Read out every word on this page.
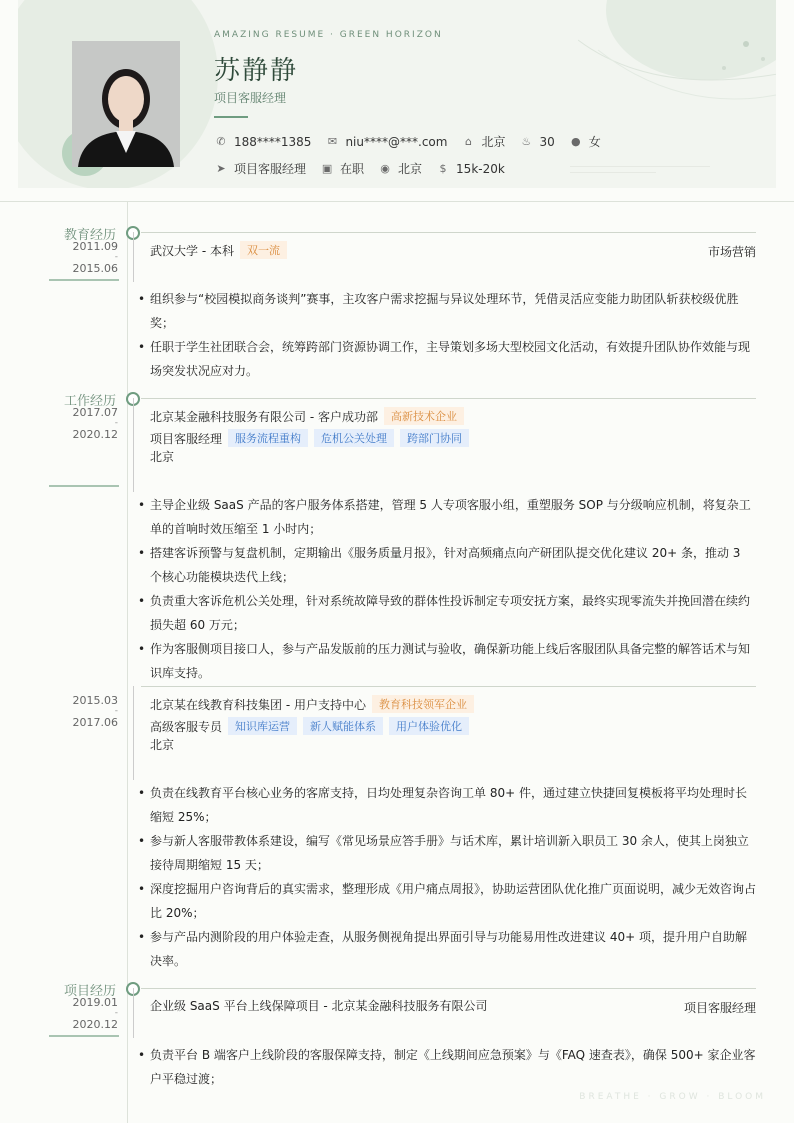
AMAZING RESUME · GREEN HORIZON
苏静静
项目客服经理
✆ 188****1385 ✉ niu****@***.com	⌂ 北京 ♨ 30 ● 女
➤ 项目客服经理 ▣ 在职 ◉ 北京	$ 15k-20k
教育经历
2011.09
-
2015.06
武汉大学 - 本科	双一流	市场营销
• 组织参与“校园模拟商务谈判”赛事，主攻客户需求挖掘与异议处理环节，凭借灵活应变能力助团队斩获校级优胜奖；
• 任职于学生社团联合会，统筹跨部门资源协调工作，主导策划多场大型校园文化活动，有效提升团队协作效能与现场突发状况应对力。
工作经历
2017.07
-
2020.12
北京某金融科技服务有限公司 - 客户成功部	高新技术企业
项目客服经理	服务流程重构	危机公关处理	跨部门协同
北京
• 主导企业级 SaaS 产品的客户服务体系搭建，管理 5 人专项客服小组，重塑服务 SOP 与分级响应机制，将复杂工单的首响时效压缩至 1 小时内；
• 搭建客诉预警与复盘机制，定期输出《服务质量月报》，针对高频痛点向产研团队提交优化建议 20+ 条，推动 3 个核心功能模块迭代上线；
• 负责重大客诉危机公关处理，针对系统故障导致的群体性投诉制定专项安抚方案，最终实现零流失并挽回潜在续约损失超 60 万元；
• 作为客服侧项目接口人，参与产品发版前的压力测试与验收，确保新功能上线后客服团队具备完整的解答话术与知识库支持。
2015.03
-
2017.06
北京某在线教育科技集团 - 用户支持中心	教育科技领军企业
高级客服专员	知识库运营	新人赋能体系	用户体验优化
北京
• 负责在线教育平台核心业务的客席支持，日均处理复杂咨询工单 80+ 件，通过建立快捷回复模板将平均处理时长缩短 25%；
• 参与新人客服带教体系建设，编写《常见场景应答手册》与话术库，累计培训新入职员工 30 余人，使其上岗独立接待周期缩短 15 天；
• 深度挖掘用户咨询背后的真实需求，整理形成《用户痛点周报》，协助运营团队优化推广页面说明，减少无效咨询占比 20%；
• 参与产品内测阶段的用户体验走查，从服务侧视角提出界面引导与功能易用性改进建议 40+ 项，提升用户自助解决率。
项目经历
2019.01
-
2020.12
企业级 SaaS 平台上线保障项目 - 北京某金融科技服务有限公司	项目客服经理
• 负责平台 B 端客户上线阶段的客服保障支持，制定《上线期间应急预案》与《FAQ 速查表》，确保 500+ 家企业客户平稳过渡；
BREATHE · GROW · BLOOM
